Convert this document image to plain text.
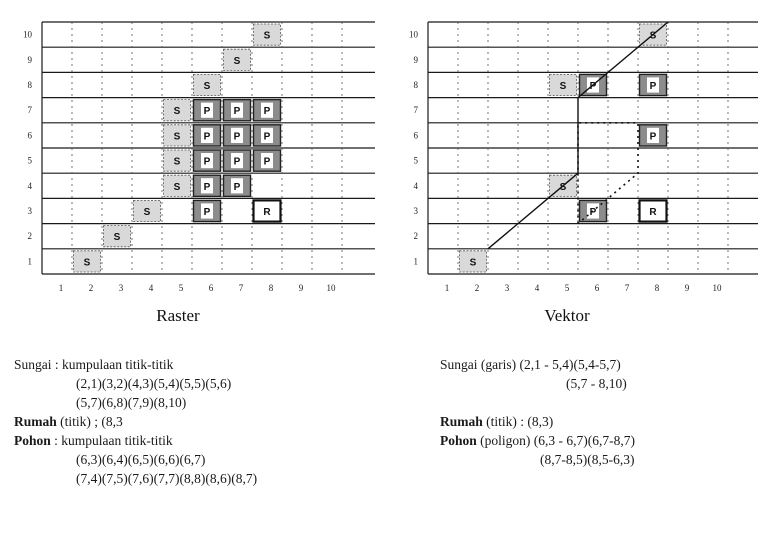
S
S
S
S
S
S
S
S
S
S
P
P
P
P
P
P
P
P
P P
P
P
R
1
2
3
4
5
6
7
8
9
10
1	2	3	4	5	6	7	8	9	10
S
S
S
S
P
P	P
P
R
1
2
3
4
5
6
7
8
9
10
1	2	3	4	5	6	7	8	9	10
Raster	Vektor
Sungai : kumpulaan titik-titik
(2,1)(3,2)(4,3)(5,4)(5,5)(5,6)
(5,7)(6,8)(7,9)(8,10)
Rumah (titik) ; (8,3
Pohon : kumpulaan titik-titik
(6,3)(6,4)(6,5)(6,6)(6,7)
(7,4)(7,5)(7,6)(7,7)(8,8)(8,6)(8,7)
Sungai (garis) (2,1 - 5,4)(5,4-5,7)
(5,7 - 8,10)
Rumah (titik) : (8,3)
Pohon (poligon) (6,3 - 6,7)(6,7-8,7)
(8,7-8,5)(8,5-6,3)
